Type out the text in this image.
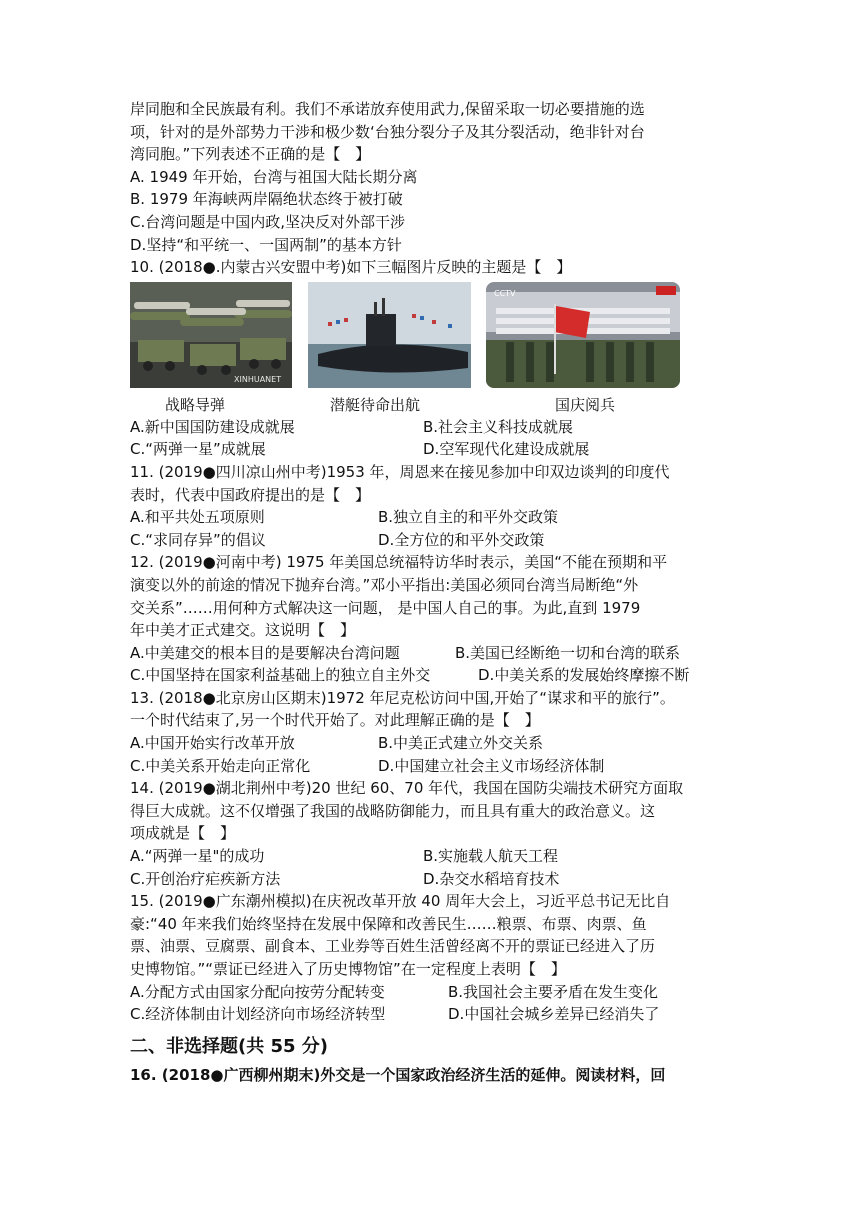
岸同胞和全民族最有利。我们不承诺放弃使用武力,保留采取一切必要措施的选
项，针对的是外部势力干涉和极少数‘台独分裂分子及其分裂活动，绝非针对台
湾同胞。”下列表述不正确的是【　】
A. 1949 年开始，台湾与祖国大陆长期分离
B. 1979 年海峡两岸隔绝状态终于被打破
C.台湾问题是中国内政,坚决反对外部干涉
D.坚持“和平统一、一国两制”的基本方针
10. (2018●.内蒙古兴安盟中考)如下三幅图片反映的主题是【　】
XINHUANET
CCTV
战略导弹	潜艇待命出航	国庆阅兵
A.新中国国防建设成就展	B.社会主义科技成就展
C.“两弹一星”成就展	D.空军现代化建设成就展
11. (2019●四川凉山州中考)1953 年，周恩来在接见参加中印双边谈判的印度代
表时，代表中国政府提出的是【　】
A.和平共处五项原则	B.独立自主的和平外交政策
C.“求同存异”的倡议	D.全方位的和平外交政策
12. (2019●河南中考) 1975 年美国总统福特访华时表示，美国“不能在预期和平
演变以外的前途的情况下抛弃台湾。”邓小平指出:美国必须同台湾当局断绝“外
交关系”……用何种方式解决这一问题， 是中国人自己的事。为此,直到 1979
年中美才正式建交。这说明【　】
A.中美建交的根本目的是要解决台湾问题	B.美国已经断绝一切和台湾的联系
C.中国坚持在国家利益基础上的独立自主外交	D.中美关系的发展始终摩擦不断
13. (2018●北京房山区期末)1972 年尼克松访问中国,开始了“谋求和平的旅行”。
一个时代结束了,另一个时代开始了。对此理解正确的是【　】
A.中国开始实行改革开放	B.中美正式建立外交关系
C.中美关系开始走向正常化	D.中国建立社会主义市场经济体制
14. (2019●湖北荆州中考)20 世纪 60、70 年代，我国在国防尖端技术研究方面取
得巨大成就。这不仅增强了我国的战略防御能力，而且具有重大的政治意义。这
项成就是【　】
A.“两弹一星"的成功	B.实施载人航天工程
C.开创治疗疟疾新方法	D.杂交水稻培育技术
15. (2019●广东潮州模拟)在庆祝改革开放 40 周年大会上，习近平总书记无比自
豪:“40 年来我们始终坚持在发展中保障和改善民生……粮票、布票、肉票、鱼
票、油票、豆腐票、副食本、工业券等百姓生活曾经离不开的票证已经进入了历
史博物馆。”“票证已经进入了历史博物馆”在一定程度上表明【　】
A.分配方式由国家分配向按劳分配转变	B.我国社会主要矛盾在发生变化
C.经济体制由计划经济向市场经济转型	D.中国社会城乡差异已经消失了
二、非选择题(共 55 分)
16. (2018●广西柳州期末)外交是一个国家政治经济生活的延伸。阅读材料，回
